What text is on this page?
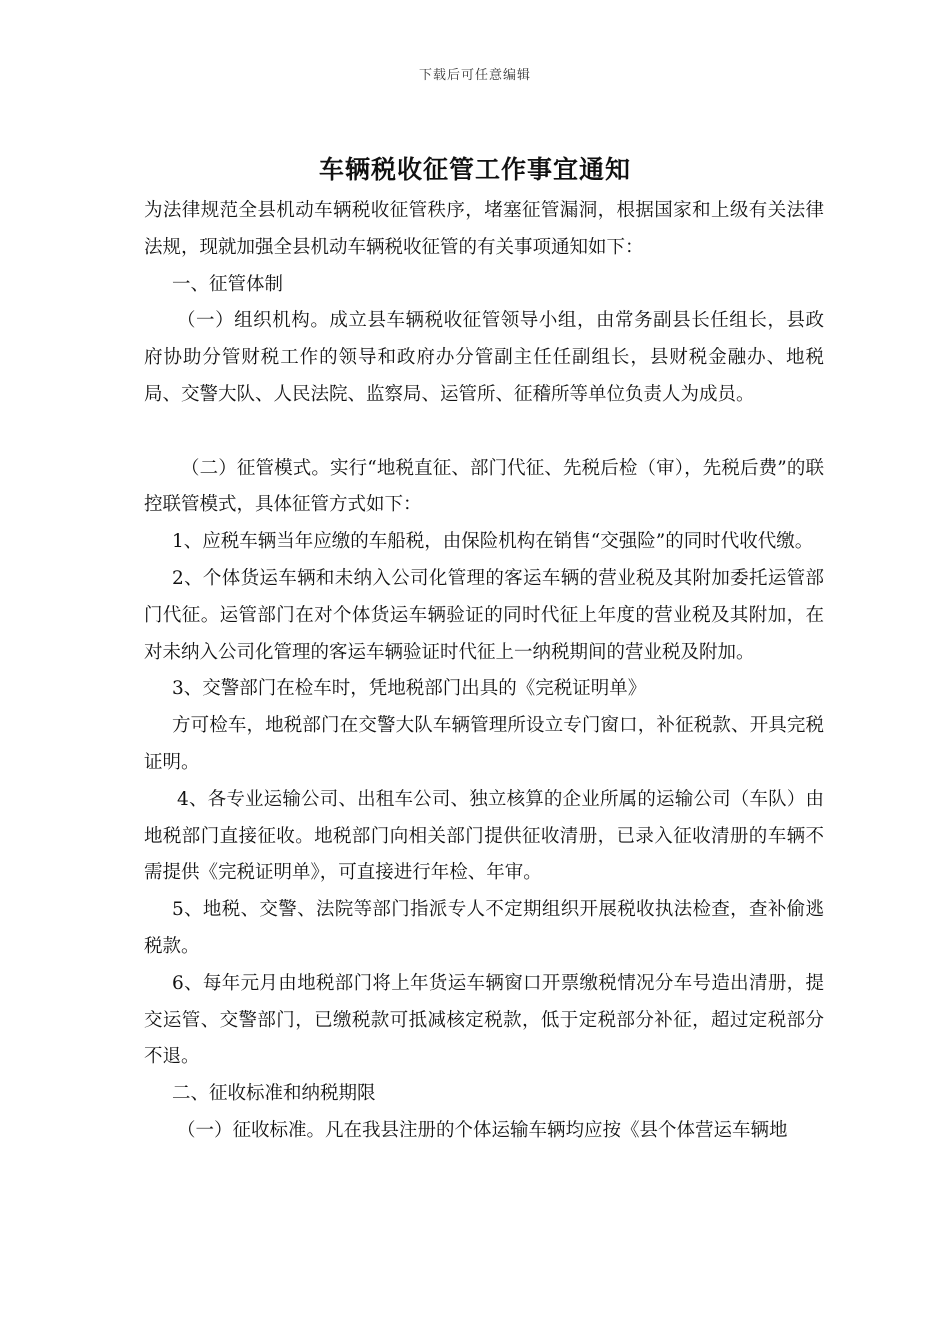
下载后可任意编辑
车辆税收征管工作事宜通知

为法律规范全县机动车辆税收征管秩序，堵塞征管漏洞，根据国家和上级有关法律法规，现就加强全县机动车辆税收征管的有关事项通知如下：

一、征管体制

（一）组织机构。成立县车辆税收征管领导小组，由常务副县长任组长，县政府协助分管财税工作的领导和政府办分管副主任任副组长，县财税金融办、地税局、交警大队、人民法院、监察局、运管所、征稽所等单位负责人为成员。

（二）征管模式。实行“地税直征、部门代征、先税后检（审），先税后费”的联控联管模式，具体征管方式如下：

1、应税车辆当年应缴的车船税，由保险机构在销售“交强险”的同时代收代缴。

2、个体货运车辆和未纳入公司化管理的客运车辆的营业税及其附加委托运管部门代征。运管部门在对个体货运车辆验证的同时代征上年度的营业税及其附加，在对未纳入公司化管理的客运车辆验证时代征上一纳税期间的营业税及附加。

3、交警部门在检车时，凭地税部门出具的《完税证明单》

方可检车，地税部门在交警大队车辆管理所设立专门窗口，补征税款、开具完税证明。

4、各专业运输公司、出租车公司、独立核算的企业所属的运输公司（车队）由地税部门直接征收。地税部门向相关部门提供征收清册，已录入征收清册的车辆不需提供《完税证明单》，可直接进行年检、年审。

5、地税、交警、法院等部门指派专人不定期组织开展税收执法检查，查补偷逃税款。

6、每年元月由地税部门将上年货运车辆窗口开票缴税情况分车号造出清册，提交运管、交警部门，已缴税款可抵减核定税款，低于定税部分补征，超过定税部分不退。

二、征收标准和纳税期限

（一）征收标准。凡在我县注册的个体运输车辆均应按《县个体营运车辆地
